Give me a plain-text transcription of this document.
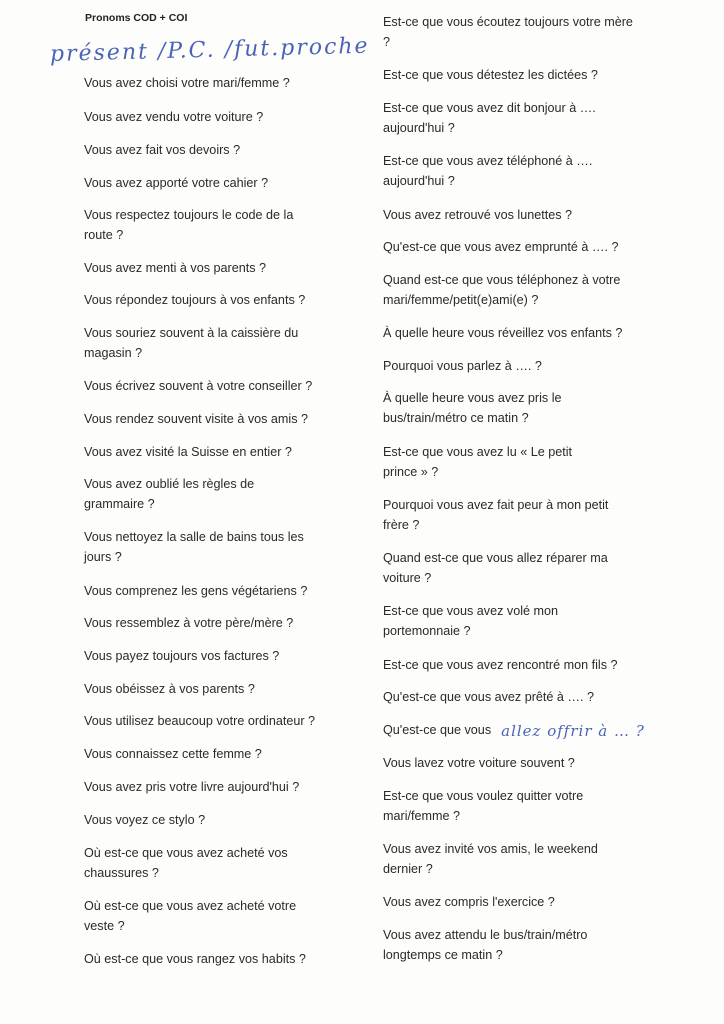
Pronoms COD + COI
présent /P.C. /fut.proche
Vous avez choisi votre mari/femme ?
Vous avez vendu votre voiture ?
Vous avez fait vos devoirs ?
Vous avez apporté votre cahier ?
Vous respectez toujours le code de la route ?
Vous avez menti à vos parents ?
Vous répondez toujours à vos enfants ?
Vous souriez souvent à la caissière du magasin ?
Vous écrivez souvent à votre conseiller ?
Vous rendez souvent visite à vos amis ?
Vous avez visité la Suisse en entier ?
Vous avez oublié les règles de grammaire ?
Vous nettoyez la salle de bains tous les jours ?
Vous comprenez les gens végétariens ?
Vous ressemblez à votre père/mère ?
Vous payez toujours vos factures ?
Vous obéissez à vos parents ?
Vous utilisez beaucoup votre ordinateur ?
Vous connaissez cette femme ?
Vous avez pris votre livre aujourd'hui ?
Vous voyez ce stylo ?
Où est-ce que vous avez acheté vos chaussures ?
Où est-ce que vous avez acheté votre veste ?
Où est-ce que vous rangez vos habits ?
Est-ce que vous écoutez toujours votre mère ?
Est-ce que vous détestez les dictées ?
Est-ce que vous avez dit bonjour à …. aujourd'hui ?
Est-ce que vous avez téléphoné à …. aujourd'hui ?
Vous avez retrouvé vos lunettes ?
Qu'est-ce que vous avez emprunté à …. ?
Quand est-ce que vous téléphonez à votre mari/femme/petit(e)ami(e) ?
À quelle heure vous réveillez vos enfants ?
Pourquoi vous parlez à …. ?
À quelle heure vous avez pris le bus/train/métro ce matin ?
Est-ce que vous avez lu « Le petit prince » ?
Pourquoi vous avez fait peur à mon petit frère ?
Quand est-ce que vous allez réparer ma voiture ?
Est-ce que vous avez volé mon portemonnaie ?
Est-ce que vous avez rencontré mon fils ?
Qu'est-ce que vous avez prêté à …. ?
Qu'est-ce que vous allez offrir à … ?
Vous lavez votre voiture souvent ?
Est-ce que vous voulez quitter votre mari/femme ?
Vous avez invité vos amis, le weekend dernier ?
Vous avez compris l'exercice ?
Vous avez attendu le bus/train/métro longtemps ce matin ?
